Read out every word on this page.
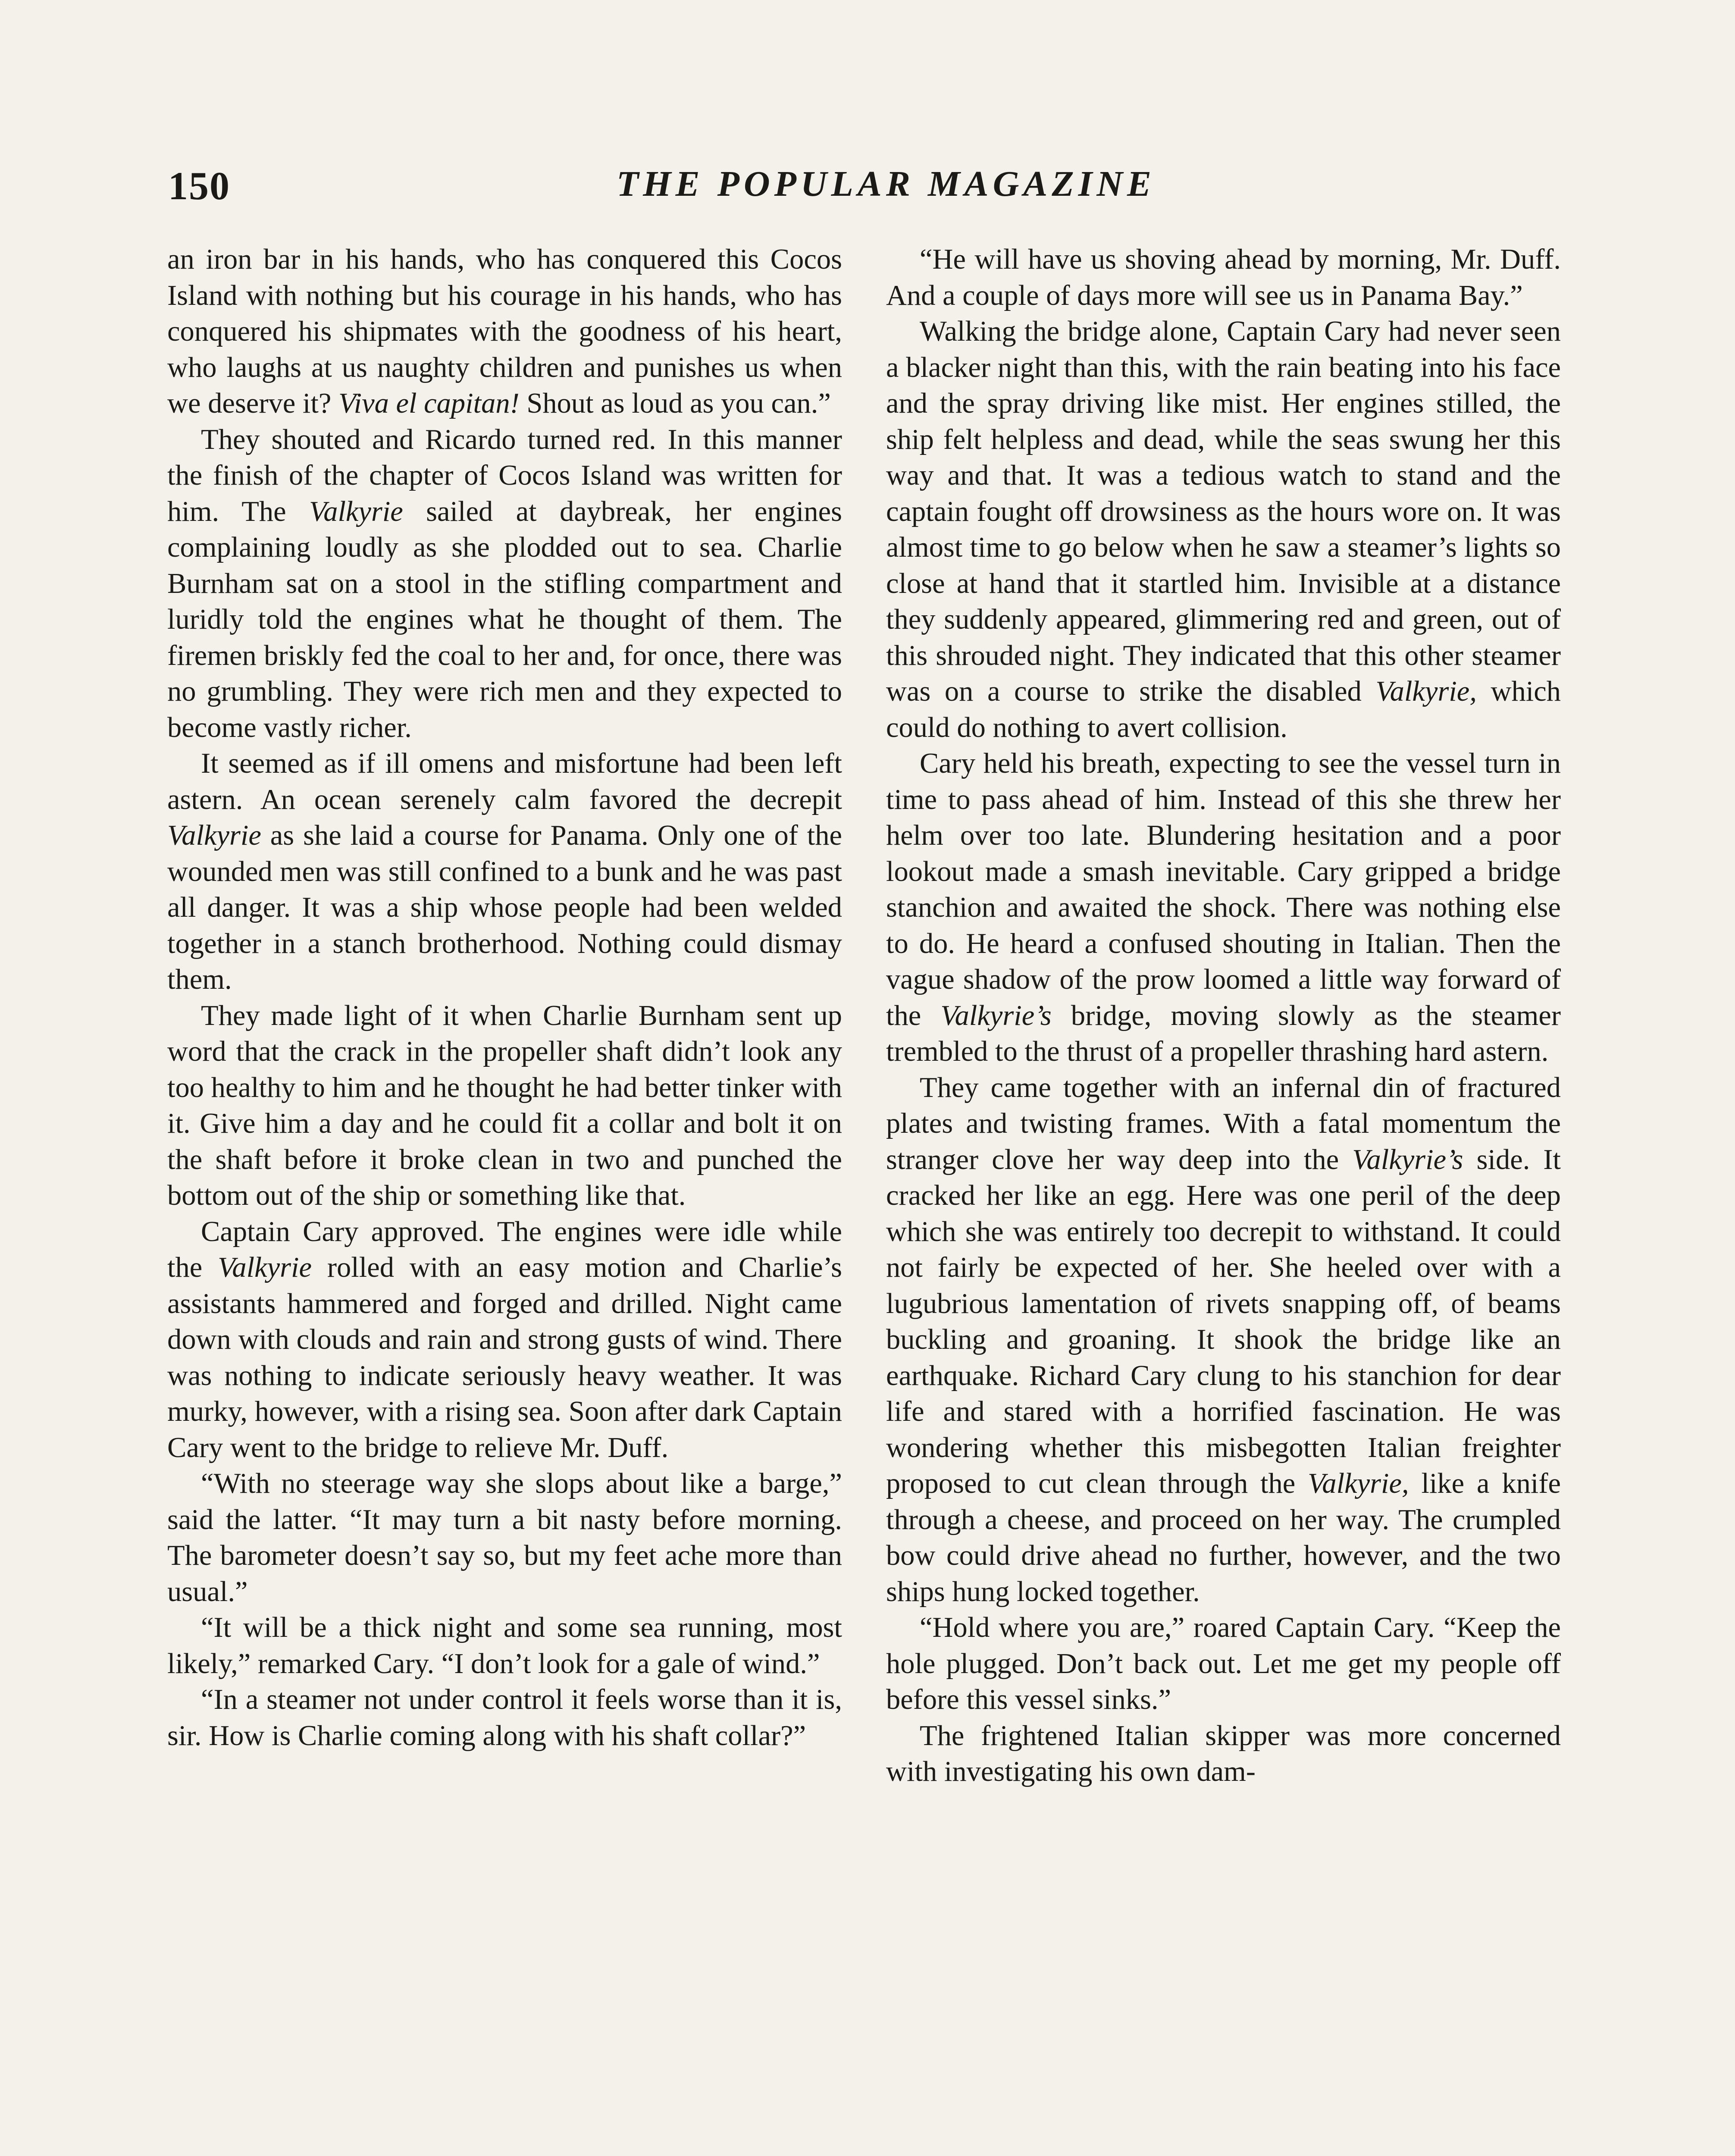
150	THE POPULAR MAGAZINE

an iron bar in his hands, who has conquered this Cocos Island with nothing but his courage in his hands, who has conquered his shipmates with the goodness of his heart, who laughs at us naughty children and punishes us when we deserve it? Viva el capitan! Shout as loud as you can.”

They shouted and Ricardo turned red. In this manner the finish of the chapter of Cocos Island was written for him. The Valkyrie sailed at daybreak, her engines complaining loudly as she plodded out to sea. Charlie Burnham sat on a stool in the stifling compartment and luridly told the engines what he thought of them. The firemen briskly fed the coal to her and, for once, there was no grumbling. They were rich men and they expected to become vastly richer.

It seemed as if ill omens and misfortune had been left astern. An ocean serenely calm favored the decrepit Valkyrie as she laid a course for Panama. Only one of the wounded men was still confined to a bunk and he was past all danger. It was a ship whose people had been welded together in a stanch brotherhood. Nothing could dismay them.

They made light of it when Charlie Burnham sent up word that the crack in the propeller shaft didn’t look any too healthy to him and he thought he had better tinker with it. Give him a day and he could fit a collar and bolt it on the shaft before it broke clean in two and punched the bottom out of the ship or something like that.

Captain Cary approved. The engines were idle while the Valkyrie rolled with an easy motion and Charlie’s assistants hammered and forged and drilled. Night came down with clouds and rain and strong gusts of wind. There was nothing to indicate seriously heavy weather. It was murky, however, with a rising sea. Soon after dark Captain Cary went to the bridge to relieve Mr. Duff.

“With no steerage way she slops about like a barge,” said the latter. “It may turn a bit nasty before morning. The barometer doesn’t say so, but my feet ache more than usual.”

“It will be a thick night and some sea running, most likely,” remarked Cary. “I don’t look for a gale of wind.”

“In a steamer not under control it feels worse than it is, sir. How is Charlie coming along with his shaft collar?”

“He will have us shoving ahead by morning, Mr. Duff. And a couple of days more will see us in Panama Bay.”

Walking the bridge alone, Captain Cary had never seen a blacker night than this, with the rain beating into his face and the spray driving like mist. Her engines stilled, the ship felt helpless and dead, while the seas swung her this way and that. It was a tedious watch to stand and the captain fought off drowsiness as the hours wore on. It was almost time to go below when he saw a steamer’s lights so close at hand that it startled him. Invisible at a distance they suddenly appeared, glimmering red and green, out of this shrouded night. They indicated that this other steamer was on a course to strike the disabled Valkyrie, which could do nothing to avert collision.

Cary held his breath, expecting to see the vessel turn in time to pass ahead of him. Instead of this she threw her helm over too late. Blundering hesitation and a poor lookout made a smash inevitable. Cary gripped a bridge stanchion and awaited the shock. There was nothing else to do. He heard a confused shouting in Italian. Then the vague shadow of the prow loomed a little way forward of the Valkyrie’s bridge, moving slowly as the steamer trembled to the thrust of a propeller thrashing hard astern.

They came together with an infernal din of fractured plates and twisting frames. With a fatal momentum the stranger clove her way deep into the Valkyrie’s side. It cracked her like an egg. Here was one peril of the deep which she was entirely too decrepit to withstand. It could not fairly be expected of her. She heeled over with a lugubrious lamentation of rivets snapping off, of beams buckling and groaning. It shook the bridge like an earthquake. Richard Cary clung to his stanchion for dear life and stared with a horrified fascination. He was wondering whether this misbegotten Italian freighter proposed to cut clean through the Valkyrie, like a knife through a cheese, and proceed on her way. The crumpled bow could drive ahead no further, however, and the two ships hung locked together.

“Hold where you are,” roared Captain Cary. “Keep the hole plugged. Don’t back out. Let me get my people off before this vessel sinks.”

The frightened Italian skipper was more concerned with investigating his own dam-
